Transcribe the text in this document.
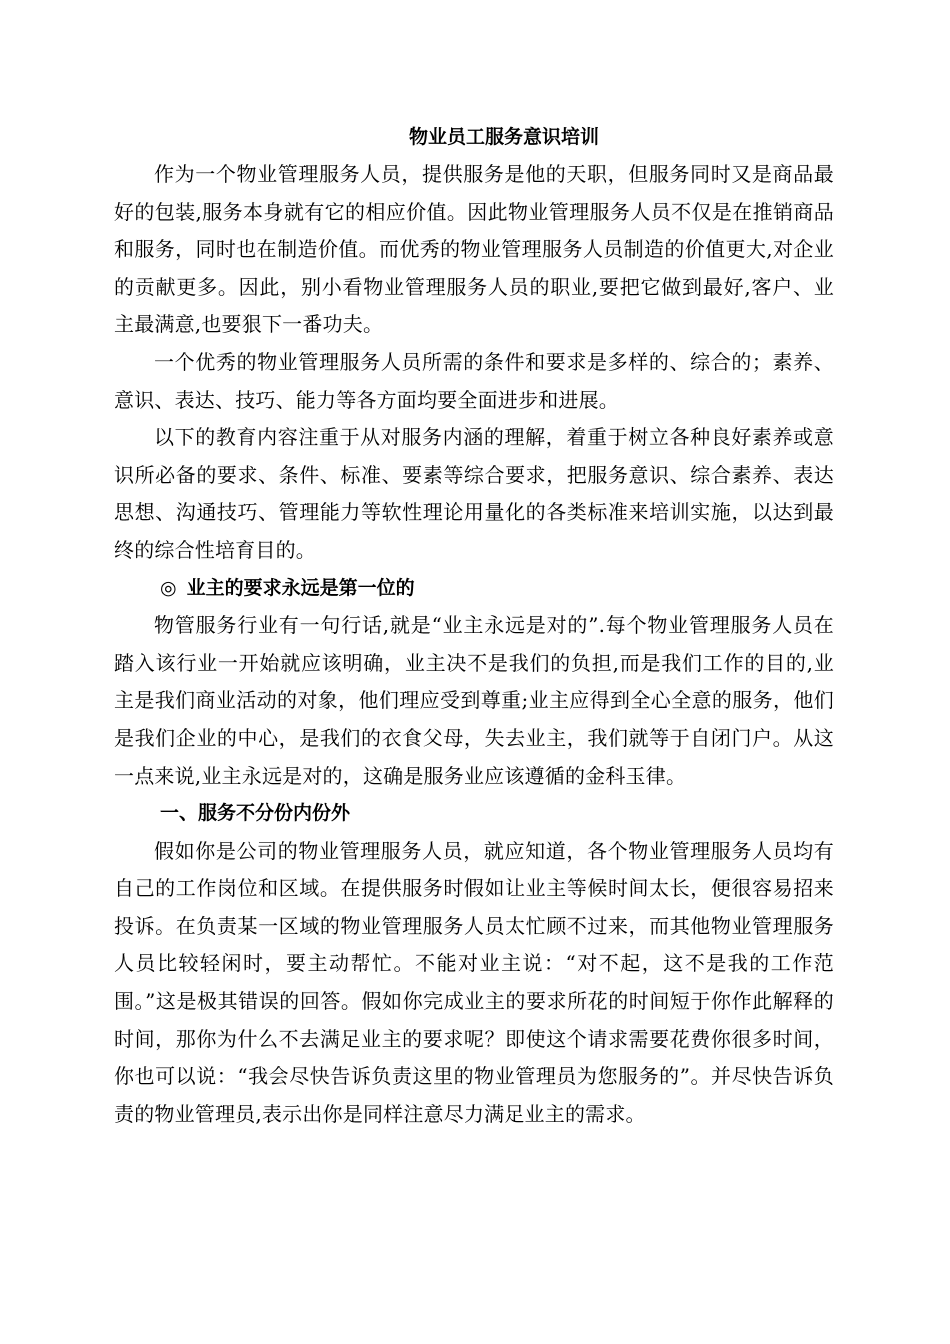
物业员工服务意识培训

作为一个物业管理服务人员，提供服务是他的天职，但服务同时又是商品最好的包装,服务本身就有它的相应价值。因此物业管理服务人员不仅是在推销商品和服务，同时也在制造价值。而优秀的物业管理服务人员制造的价值更大,对企业的贡献更多。因此，别小看物业管理服务人员的职业,要把它做到最好,客户、业主最满意,也要狠下一番功夫。

一个优秀的物业管理服务人员所需的条件和要求是多样的、综合的；素养、意识、表达、技巧、能力等各方面均要全面进步和进展。

以下的教育内容注重于从对服务内涵的理解，着重于树立各种良好素养或意识所必备的要求、条件、标准、要素等综合要求，把服务意识、综合素养、表达思想、沟通技巧、管理能力等软性理论用量化的各类标准来培训实施，以达到最终的综合性培育目的。

◎ 业主的要求永远是第一位的

物管服务行业有一句行话,就是“业主永远是对的”.每个物业管理服务人员在踏入该行业一开始就应该明确，业主决不是我们的负担,而是我们工作的目的,业主是我们商业活动的对象，他们理应受到尊重;业主应得到全心全意的服务，他们是我们企业的中心，是我们的衣食父母，失去业主，我们就等于自闭门户。从这一点来说,业主永远是对的，这确是服务业应该遵循的金科玉律。

一、服务不分份内份外

假如你是公司的物业管理服务人员，就应知道，各个物业管理服务人员均有自己的工作岗位和区域。在提供服务时假如让业主等候时间太长，便很容易招来投诉。在负责某一区域的物业管理服务人员太忙顾不过来，而其他物业管理服务人员比较轻闲时，要主动帮忙。不能对业主说：“对不起，这不是我的工作范围。”这是极其错误的回答。假如你完成业主的要求所花的时间短于你作此解释的时间，那你为什么不去满足业主的要求呢？即使这个请求需要花费你很多时间，你也可以说：“我会尽快告诉负责这里的物业管理员为您服务的”。并尽快告诉负责的物业管理员,表示出你是同样注意尽力满足业主的需求。
